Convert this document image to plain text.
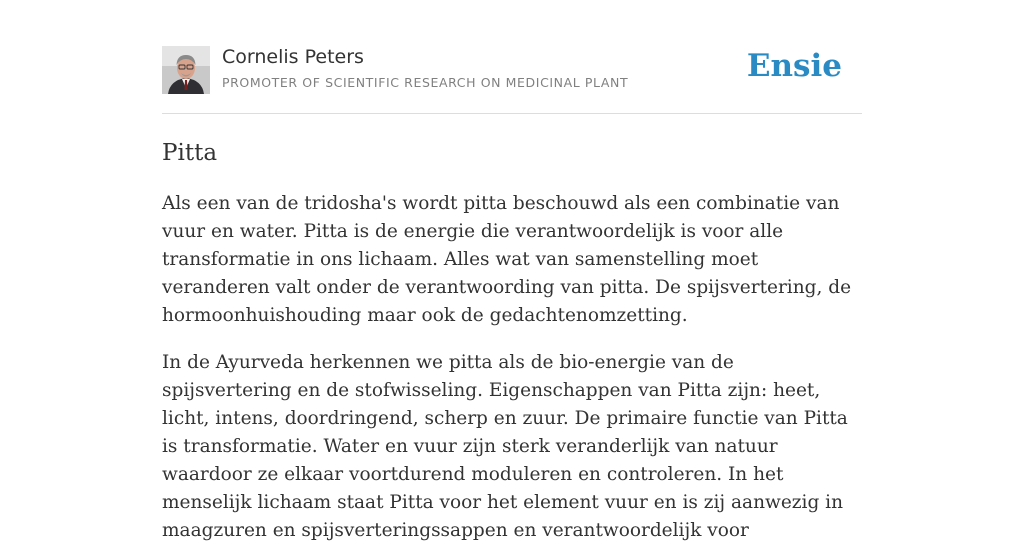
Cornelis Peters
PROMOTER OF SCIENTIFIC RESEARCH ON MEDICINAL PLANT	Ensie
Pitta

Als een van de tridosha's wordt pitta beschouwd als een combinatie van vuur en water. Pitta is de energie die verantwoordelijk is voor alle transformatie in ons lichaam. Alles wat van samenstelling moet veranderen valt onder de verantwoording van pitta. De spijsvertering, de hormoonhuishouding maar ook de gedachtenomzetting.

In de Ayurveda herkennen we pitta als de bio-energie van de spijsvertering en de stofwisseling. Eigenschappen van Pitta zijn: heet, licht, intens, doordringend, scherp en zuur. De primaire functie van Pitta is transformatie. Water en vuur zijn sterk veranderlijk van natuur waardoor ze elkaar voortdurend moduleren en controleren. In het menselijk lichaam staat Pitta voor het element vuur en is zij aanwezig in maagzuren en spijsverteringssappen en verantwoordelijk voor
